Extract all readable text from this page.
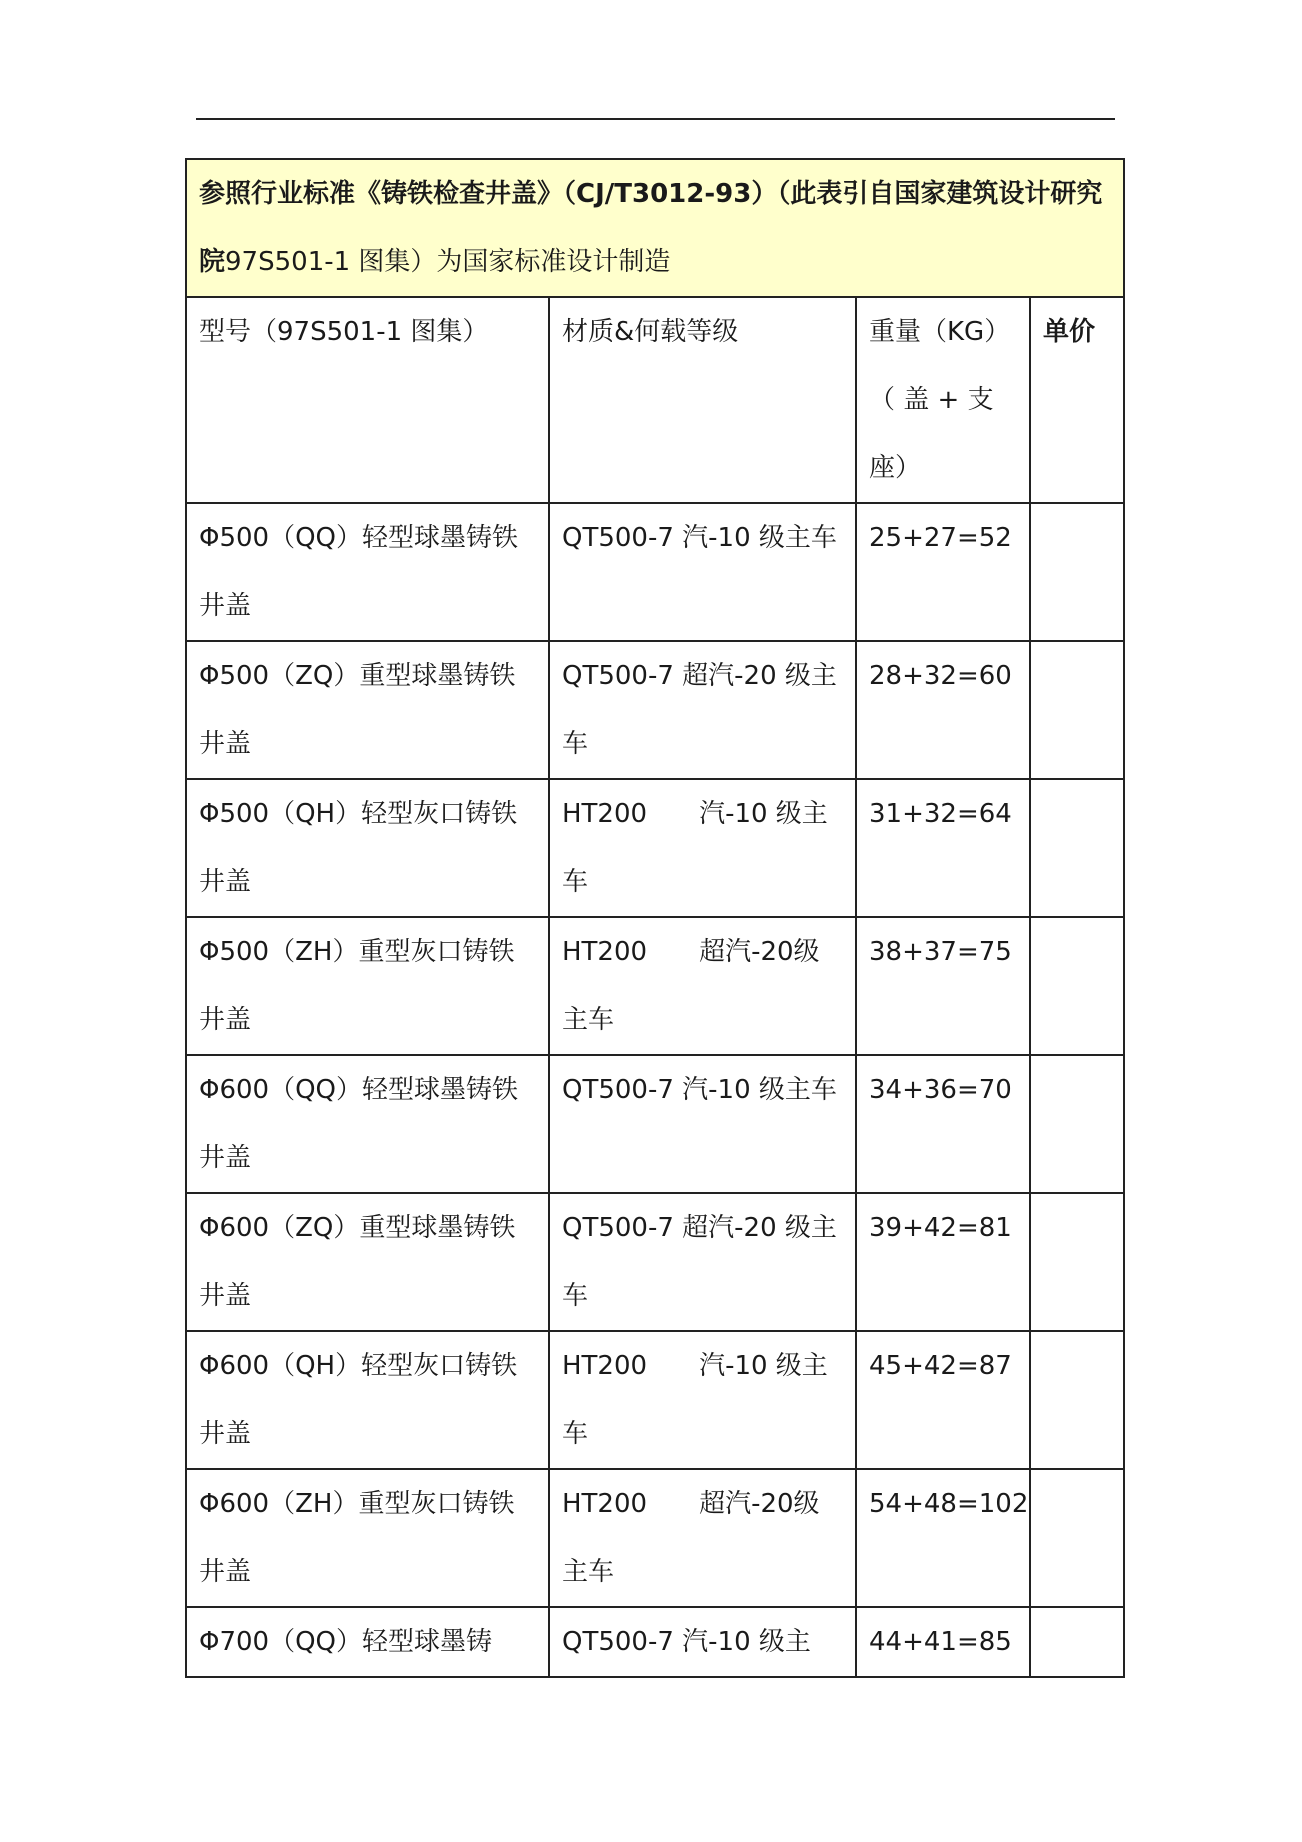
参照行业标准《铸铁检查井盖》（CJ/T3012-93）（此表引自国家建筑设计研究院97S501-1 图集）为国家标准设计制造			
型号（97S501-1 图集）	材质&何载等级	重量（KG）（ 盖 + 支座）	单价
Φ500（QQ）轻型球墨铸铁井盖	QT500-7 汽-10 级主车	25+27=52	
Φ500（ZQ）重型球墨铸铁井盖	QT500-7 超汽-20 级主车	28+32=60	
Φ500（QH）轻型灰口铸铁井盖	HT200   汽-10 级主车	31+32=64	
Φ500（ZH）重型灰口铸铁井盖	HT200   超汽-20级主车	38+37=75	
Φ600（QQ）轻型球墨铸铁井盖	QT500-7 汽-10 级主车	34+36=70	
Φ600（ZQ）重型球墨铸铁井盖	QT500-7 超汽-20 级主车	39+42=81	
Φ600（QH）轻型灰口铸铁井盖	HT200   汽-10 级主车	45+42=87	
Φ600（ZH）重型灰口铸铁井盖	HT200   超汽-20级主车	54+48=102	
Φ700（QQ）轻型球墨铸	QT500-7 汽-10 级主	44+41=85	
